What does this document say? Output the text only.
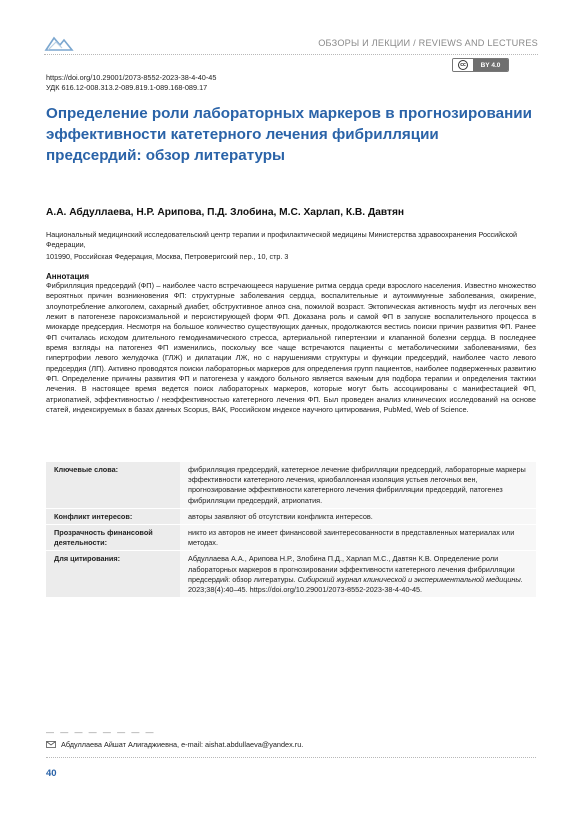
ОБЗОРЫ И ЛЕКЦИИ / REVIEWS AND LECTURES
cc	BY 4.0
https://doi.org/10.29001/2073-8552-2023-38-4-40-45
УДК 616.12-008.313.2-089.819.1-089.168-089.17
Определение роли лабораторных маркеров в прогнозировании эффективности катетерного лечения фибрилляции предсердий: обзор литературы
А.А. Абдуллаева, Н.Р. Арипова, П.Д. Злобина, М.С. Харлап, К.В. Давтян
Национальный медицинский исследовательский центр терапии и профилактической медицины Министерства здравоохранения Российской Федерации,
101990, Российская Федерация, Москва, Петроверигский пер., 10, стр. 3
Аннотация

Фибрилляция предсердий (ФП) – наиболее часто встречающееся нарушение ритма сердца среди взрослого населения. Известно множество вероятных причин возникновения ФП: структурные заболевания сердца, воспалительные и аутоиммунные заболевания, ожирение, злоупотребление алкоголем, сахарный диабет, обструктивное апноэ сна, пожилой возраст. Эктопическая активность муфт из легочных вен лежит в патогенезе пароксизмальной и персистирующей форм ФП. Доказана роль и самой ФП в запуске воспалительного процесса в миокарде предсердия. Несмотря на большое количество существующих данных, продолжаются вестись поиски причин развития ФП. Ранее ФП считалась исходом длительного гемодинамического стресса, артериальной гипертензии и клапанной болезни сердца. В последнее время взгляды на патогенез ФП изменились, поскольку все чаще встречаются пациенты с метаболическими заболеваниями, без гипертрофии левого желудочка (ГЛЖ) и дилатации ЛЖ, но с нарушениями структуры и функции предсердий, наиболее часто левого предсердия (ЛП). Активно проводятся поиски лабораторных маркеров для определения групп пациентов, наиболее подверженных развитию ФП. Определение причины развития ФП и патогенеза у каждого больного является важным для подбора терапии и определения тактики лечения. В настоящее время ведется поиск лабораторных маркеров, которые могут быть ассоциированы с манифестацией ФП, атриопатией, эффективностью / неэффективностью катетерного лечения ФП. Был проведен анализ клинических исследований на основе статей, индексируемых в базах данных Scopus, ВАК, Российском индексе научного цитирования, PubMed, Web of Science.

Ключевые слова:	фибрилляция предсердий, катетерное лечение фибрилляции предсердий, лабораторные маркеры эффективности катетерного лечения, криобаллонная изоляция устьев легочных вен, прогнозирование эффективности катетерного лечения фибрилляции предсердий, патогенез фибрилляции предсердий, атриопатия.
Конфликт интересов:	авторы заявляют об отсутствии конфликта интересов.
Прозрачность финансовой деятельности:
никто из авторов не имеет финансовой заинтересованности в представленных материалах или методах.
Для цитирования:	Абдуллаева А.А., Арипова Н.Р., Злобина П.Д., Харлап М.С., Давтян К.В. Определение роли лабораторных маркеров в прогнозировании эффективности катетерного лечения фибрилляции предсердий: обзор литературы. Сибирский журнал клинической и экспериментальной медицины. 2023;38(4):40–45. https://doi.org/10.29001/2073-8552-2023-38-4-40-45.
— — — — — — — —
Абдуллаева Айшат Алигаджиевна, e-mail: aishat.abdullaeva@yandex.ru.
40
